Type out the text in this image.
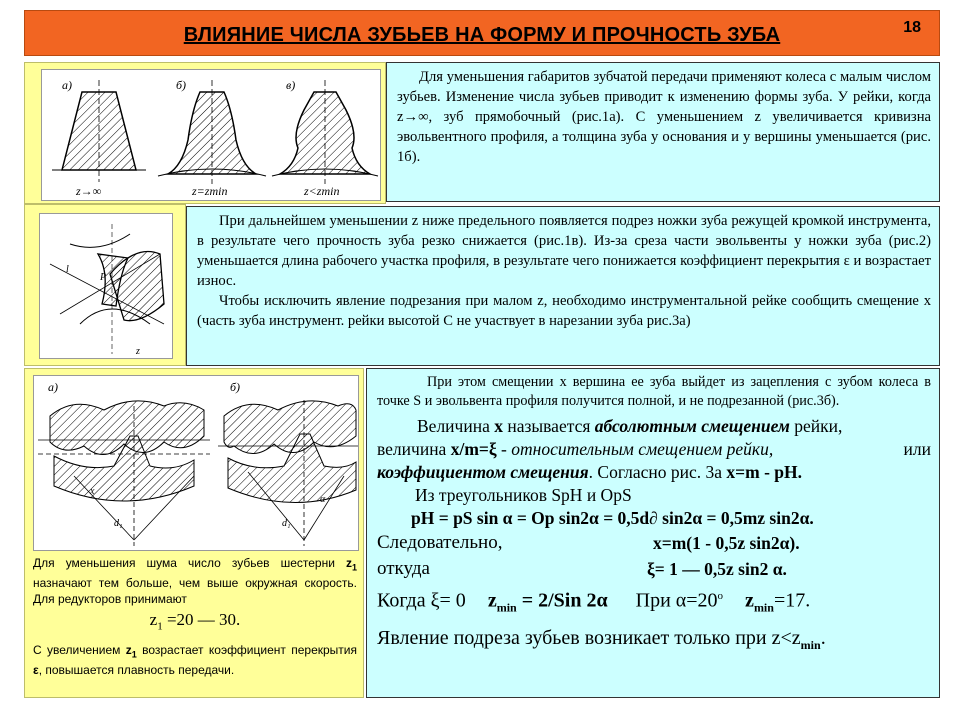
ВЛИЯНИЕ ЧИСЛА ЗУБЬЕВ НА ФОРМУ И ПРОЧНОСТЬ ЗУБА	18
а)	б)	в)
z→∞	z=zmin	z<zmin

Для уменьшения габаритов зубчатой передачи применяют колеса с малым числом зубьев. Изменение числа зубьев приводит к изменению формы зуба. У рейки, когда z→∞, зуб прямобочный (рис.1а). С уменьшением z увеличивается кривизна эвольвентного профиля, а толщина зуба у основания и у вершины уменьшается (рис. 1б).

l
P
z

При дальнейшем уменьшении z ниже предельного появляется подрез ножки зуба режущей кромкой инструмента, в результате чего прочность зуба резко снижается (рис.1в). Из-за среза части эвольвенты у ножки зуба (рис.2) уменьшается длина рабочего участка профиля, в результате чего понижается коэффициент перекрытия ε и возрастает износ.

Чтобы исключить явление подрезания при малом z, необходимо инструментальной рейке сообщить смещение х (часть зуба инструмент. рейки высотой С не участвует в нарезании зуба рис.3а)

d₁
x
α
d₁
а)	б)

Для уменьшения шума число зубьев шестерни $z_1$ назначают тем больше, чем выше окружная скорость. Для редукторов принимают

$z_1 =20$ — 30.

С увеличением $z_1$ возрастает коэффициент перекрытия ε, повышается плавность передачи.

При этом смещении х вершина ее зуба выйдет из зацепления с зубом колеса в точке S и эвольвента профиля получится полной, и не подрезанной (рис.3б).

Величина х называется абсолютным смещением рейки,
величина х/m=ξ - относительным смещением рейки,	или
коэффициентом смещения. Согласно рис. 3а x=m - pH.
Из треугольников SpH и OpS
pH = pS sin α = Op sin2α = 0,5d∂ sin2α = 0,5mz sin2α.
Следовательно,	x=m(1 - 0,5z sin2α).
откуда	ξ= 1 — 0,5z sin2 α.
Когда ξ= 0 $z_{min} = 2/Sin$ 2α При $\alpha=20^o$ $z_{min}=17$.
Явление подреза зубьев возникает только при $z<z_{min}$.
